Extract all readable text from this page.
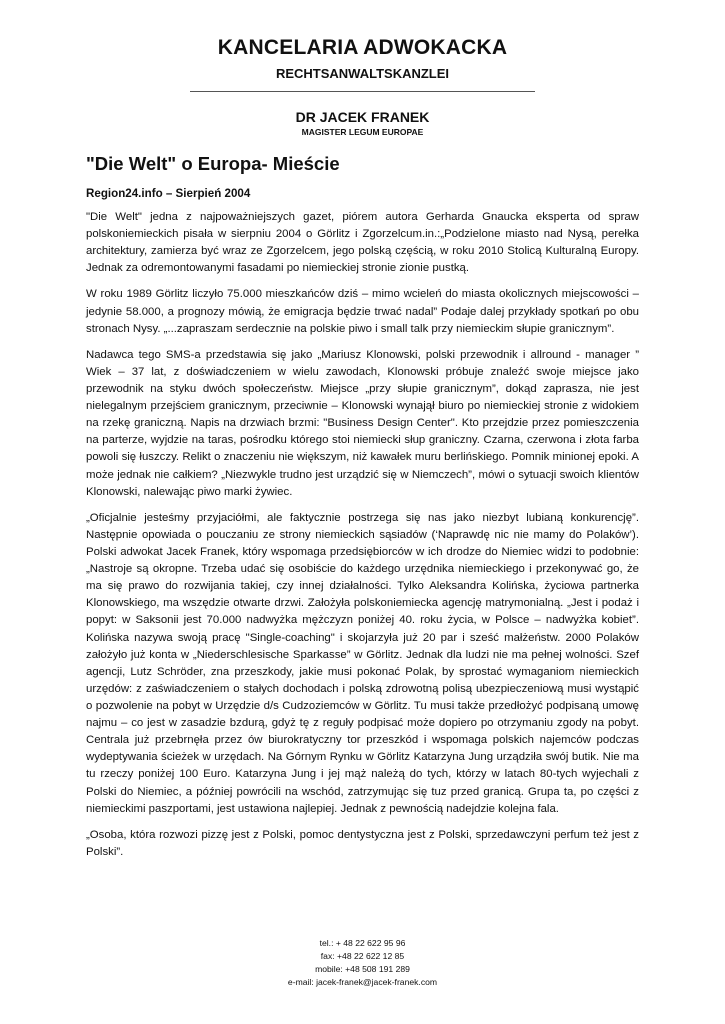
KANCELARIA ADWOKACKA
RECHTSANWALTSKANZLEI
DR JACEK FRANEK
MAGISTER LEGUM EUROPAE
"Die Welt" o Europa- Mieście

Region24.info – Sierpień 2004

"Die Welt" jedna z najpoważniejszych gazet, piórem autora Gerharda Gnaucka eksperta od spraw polskoniemieckich pisała w sierpniu 2004 o Görlitz i Zgorzelcum.in.:„Podzielone miasto nad Nysą, perełka architektury, zamierza być wraz ze Zgorzelcem, jego polską częścią, w roku 2010 Stolicą Kulturalną Europy. Jednak za odremontowanymi fasadami po niemieckiej stronie zionie pustką.

W roku 1989 Görlitz liczyło 75.000 mieszkańców dziś – mimo wcieleń do miasta okolicznych miejscowości – jedynie 58.000, a prognozy mówią, że emigracja będzie trwać nadal” Podaje dalej przykłady spotkań po obu stronach Nysy. „...zapraszam serdecznie na polskie piwo i small talk przy niemieckim słupie granicznym”.

Nadawca tego SMS-a przedstawia się jako „Mariusz Klonowski, polski przewodnik i allround - manager ” Wiek – 37 lat, z doświadczeniem w wielu zawodach, Klonowski próbuje znaleźć swoje miejsce jako przewodnik na styku dwóch społeczeństw. Miejsce „przy słupie granicznym”, dokąd zaprasza, nie jest nielegalnym przejściem granicznym, przeciwnie – Klonowski wynajął biuro po niemieckiej stronie z widokiem na rzekę graniczną. Napis na drzwiach brzmi: "Business Design Center". Kto przejdzie przez pomieszczenia na parterze, wyjdzie na taras, pośrodku którego stoi niemiecki słup graniczny. Czarna, czerwona i złota farba powoli się łuszczy. Relikt o znaczeniu nie większym, niż kawałek muru berlińskiego. Pomnik minionej epoki. A może jednak nie całkiem? „Niezwykle trudno jest urządzić się w Niemczech”, mówi o sytuacji swoich klientów Klonowski, nalewając piwo marki żywiec.

„Oficjalnie jesteśmy przyjaciółmi, ale faktycznie postrzega się nas jako niezbyt lubianą konkurencję”. Następnie opowiada o pouczaniu ze strony niemieckich sąsiadów (‘Naprawdę nic nie mamy do Polaków’). Polski adwokat Jacek Franek, który wspomaga przedsiębiorców w ich drodze do Niemiec widzi to podobnie: „Nastroje są okropne. Trzeba udać się osobiście do każdego urzędnika niemieckiego i przekonywać go, że ma się prawo do rozwijania takiej, czy innej działalności. Tylko Aleksandra Kolińska, życiowa partnerka Klonowskiego, ma wszędzie otwarte drzwi. Założyła polskoniemiecka agencję matrymonialną. „Jest i podaż i popyt: w Saksonii jest 70.000 nadwyżka mężczyzn poniżej 40. roku życia, w Polsce – nadwyżka kobiet”. Kolińska nazywa swoją pracę "Single-coaching" i skojarzyła już 20 par i sześć małżeństw. 2000 Polaków założyło już konta w „Niederschlesische Sparkasse” w Görlitz. Jednak dla ludzi nie ma pełnej wolności. Szef agencji, Lutz Schröder, zna przeszkody, jakie musi pokonać Polak, by sprostać wymaganiom niemieckich urzędów: z zaświadczeniem o stałych dochodach i polską zdrowotną polisą ubezpieczeniową musi wystąpić o pozwolenie na pobyt w Urzędzie d/s Cudzoziemców w Görlitz. Tu musi także przedłożyć podpisaną umowę najmu – co jest w zasadzie bzdurą, gdyż tę z reguły podpisać może dopiero po otrzymaniu zgody na pobyt. Centrala już przebrnęła przez ów biurokratyczny tor przeszkód i wspomaga polskich najemców podczas wydeptywania ścieżek w urzędach. Na Górnym Rynku w Görlitz Katarzyna Jung urządziła swój butik. Nie ma tu rzeczy poniżej 100 Euro. Katarzyna Jung i jej mąż należą do tych, którzy w latach 80-tych wyjechali z Polski do Niemiec, a później powrócili na wschód, zatrzymując się tuz przed granicą. Grupa ta, po części z niemieckimi paszportami, jest ustawiona najlepiej. Jednak z pewnością nadejdzie kolejna fala.

„Osoba, która rozwozi pizzę jest z Polski, pomoc dentystyczna jest z Polski, sprzedawczyni perfum też jest z Polski”.

tel.: + 48 22 622 95 96
fax: +48 22 622 12 85
mobile: +48 508 191 289
e-mail: jacek-franek@jacek-franek.com
